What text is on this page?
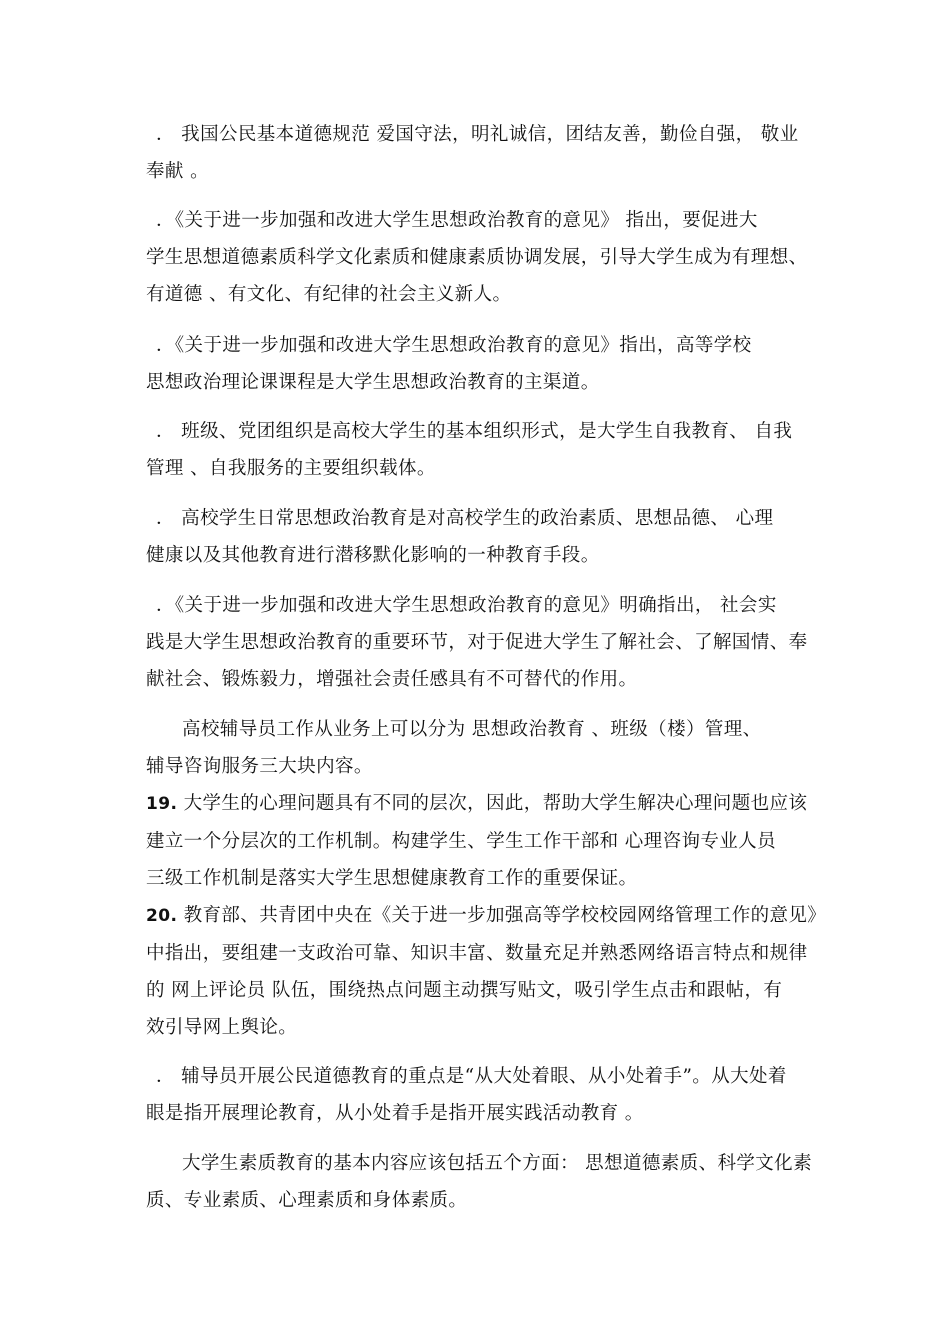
． 我国公民基本道德规范 爱国守法，明礼诚信，团结友善，勤俭自强， 敬业
奉献 。
．《关于进一步加强和改进大学生思想政治教育的意见》 指出，要促进大
学生思想道德素质科学文化素质和健康素质协调发展，引导大学生成为有理想、
有道德 、有文化、有纪律的社会主义新人。
．《关于进一步加强和改进大学生思想政治教育的意见》指出，高等学校
思想政治理论课课程是大学生思想政治教育的主渠道。
． 班级、党团组织是高校大学生的基本组织形式，是大学生自我教育、 自我
管理 、自我服务的主要组织载体。
． 高校学生日常思想政治教育是对高校学生的政治素质、思想品德、 心理
健康以及其他教育进行潜移默化影响的一种教育手段。
．《关于进一步加强和改进大学生思想政治教育的意见》明确指出， 社会实
践是大学生思想政治教育的重要环节，对于促进大学生了解社会、了解国情、奉
献社会、锻炼毅力，增强社会责任感具有不可替代的作用。
高校辅导员工作从业务上可以分为 思想政治教育 、班级（楼）管理、
辅导咨询服务三大块内容。
19. 大学生的心理问题具有不同的层次，因此，帮助大学生解决心理问题也应该
建立一个分层次的工作机制。构建学生、学生工作干部和 心理咨询专业人员
三级工作机制是落实大学生思想健康教育工作的重要保证。
20. 教育部、共青团中央在《关于进一步加强高等学校校园网络管理工作的意见》
中指出，要组建一支政治可靠、知识丰富、数量充足并熟悉网络语言特点和规律
的 网上评论员 队伍，围绕热点问题主动撰写贴文，吸引学生点击和跟帖，有
效引导网上舆论。
． 辅导员开展公民道德教育的重点是“从大处着眼、从小处着手”。从大处着
眼是指开展理论教育，从小处着手是指开展实践活动教育 。
大学生素质教育的基本内容应该包括五个方面： 思想道德素质、科学文化素
质、专业素质、心理素质和身体素质。
